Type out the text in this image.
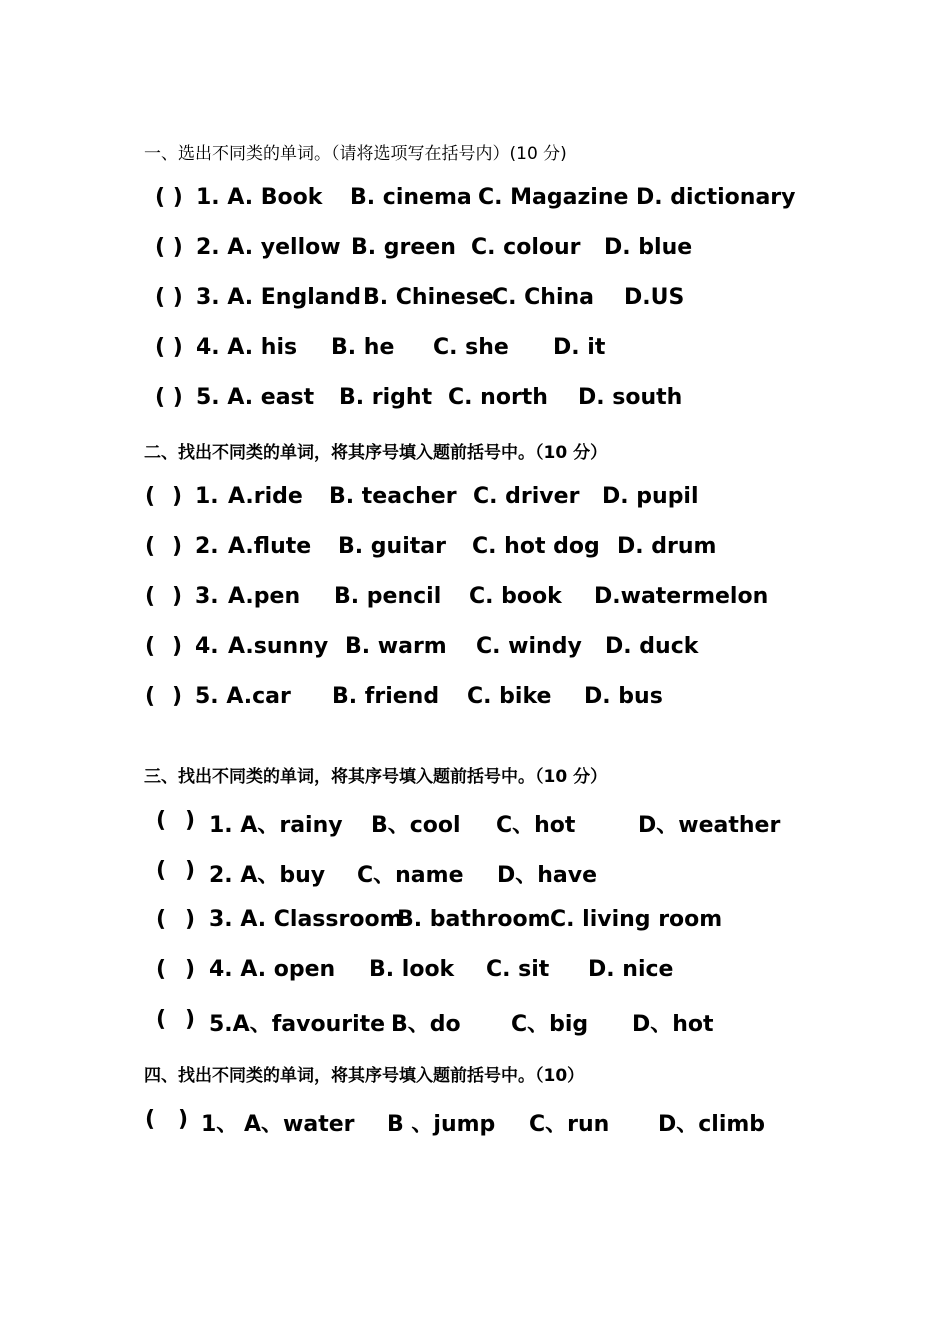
一、选出不同类的单词。（请将选项写在括号内）(10 分)
( ) 1. A. Book B. cinema C. Magazine D. dictionary
( ) 2. A. yellow B. green C. colour D. blue
( ) 3. A. England B. Chinese
C. China D.US
( ) 4. A. his B. he C. she D. it
( ) 5. A. east B. right C. north D. south
二、找出不同类的单词，将其序号填入题前括号中。（10 分）
( ) 1. A.ride B. teacher C. driver D. pupil
( ) 2. A.flute B. guitar C. hot dog D. drum
( ) 3. A.pen B. pencil C. book D.watermelon
( ) 4. A.sunny B. warm C. windy D. duck
( ) 5. A.car B. friend C. bike D. bus
三、找出不同类的单词，将其序号填入题前括号中。（10 分）
( ) 1. A、rainy B、cool C、hot	D、weather
( ) 2. A、buy C、name D、have
( ) 3. A. Classroom
B. bathroom C. living room
( ) 4. A. open B. look C. sit D. nice
( ) 5.A、favourite B、do C、big D、hot
四、找出不同类的单词，将其序号填入题前括号中。（10）
( ) 1、 A、water B 、jump C、run D、climb
